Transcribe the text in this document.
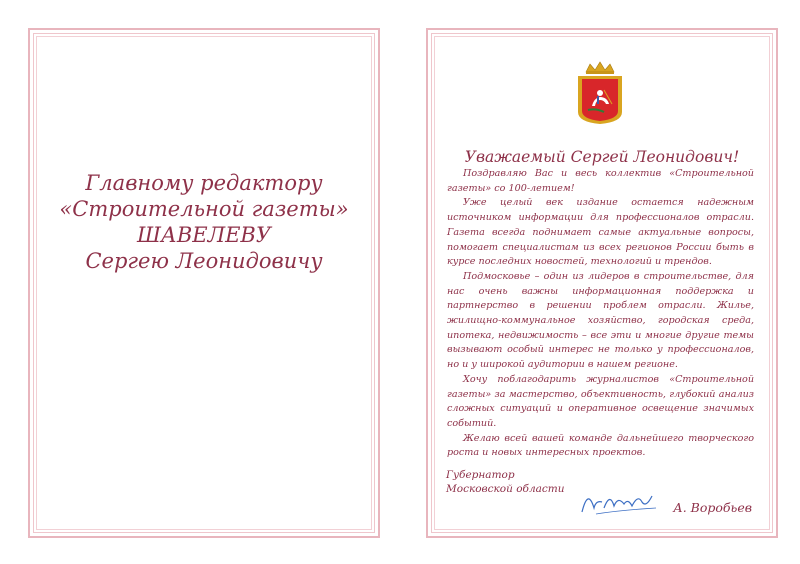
Главному редактору
«Строительной газеты»
ШАВЕЛЕВУ
Сергею Леонидовичу
Уважаемый Сергей Леонидович!

Поздравляю Вас и весь коллектив «Строительной газеты» со 100-летием!

Уже целый век издание остается надежным источником информации для профессионалов отрасли. Газета всегда поднимает самые актуальные вопросы, помогает специалистам из всех регионов России быть в курсе последних новостей, технологий и трендов.

Подмосковье – один из лидеров в строительстве, для нас очень важны информационная поддержка и партнерство в решении проблем отрасли. Жилье, жилищно-коммунальное хозяйство, городская среда, ипотека, недвижимость – все эти и многие другие темы вызывают особый интерес не только у профессионалов, но и у широкой аудитории в нашем регионе.

Хочу поблагодарить журналистов «Строительной газеты» за мастерство, объективность, глубокий анализ сложных ситуаций и оперативное освещение значимых событий.

Желаю всей вашей команде дальнейшего творческого роста и новых интересных проектов.

Губернатор
Московской области
А. Воробьев
